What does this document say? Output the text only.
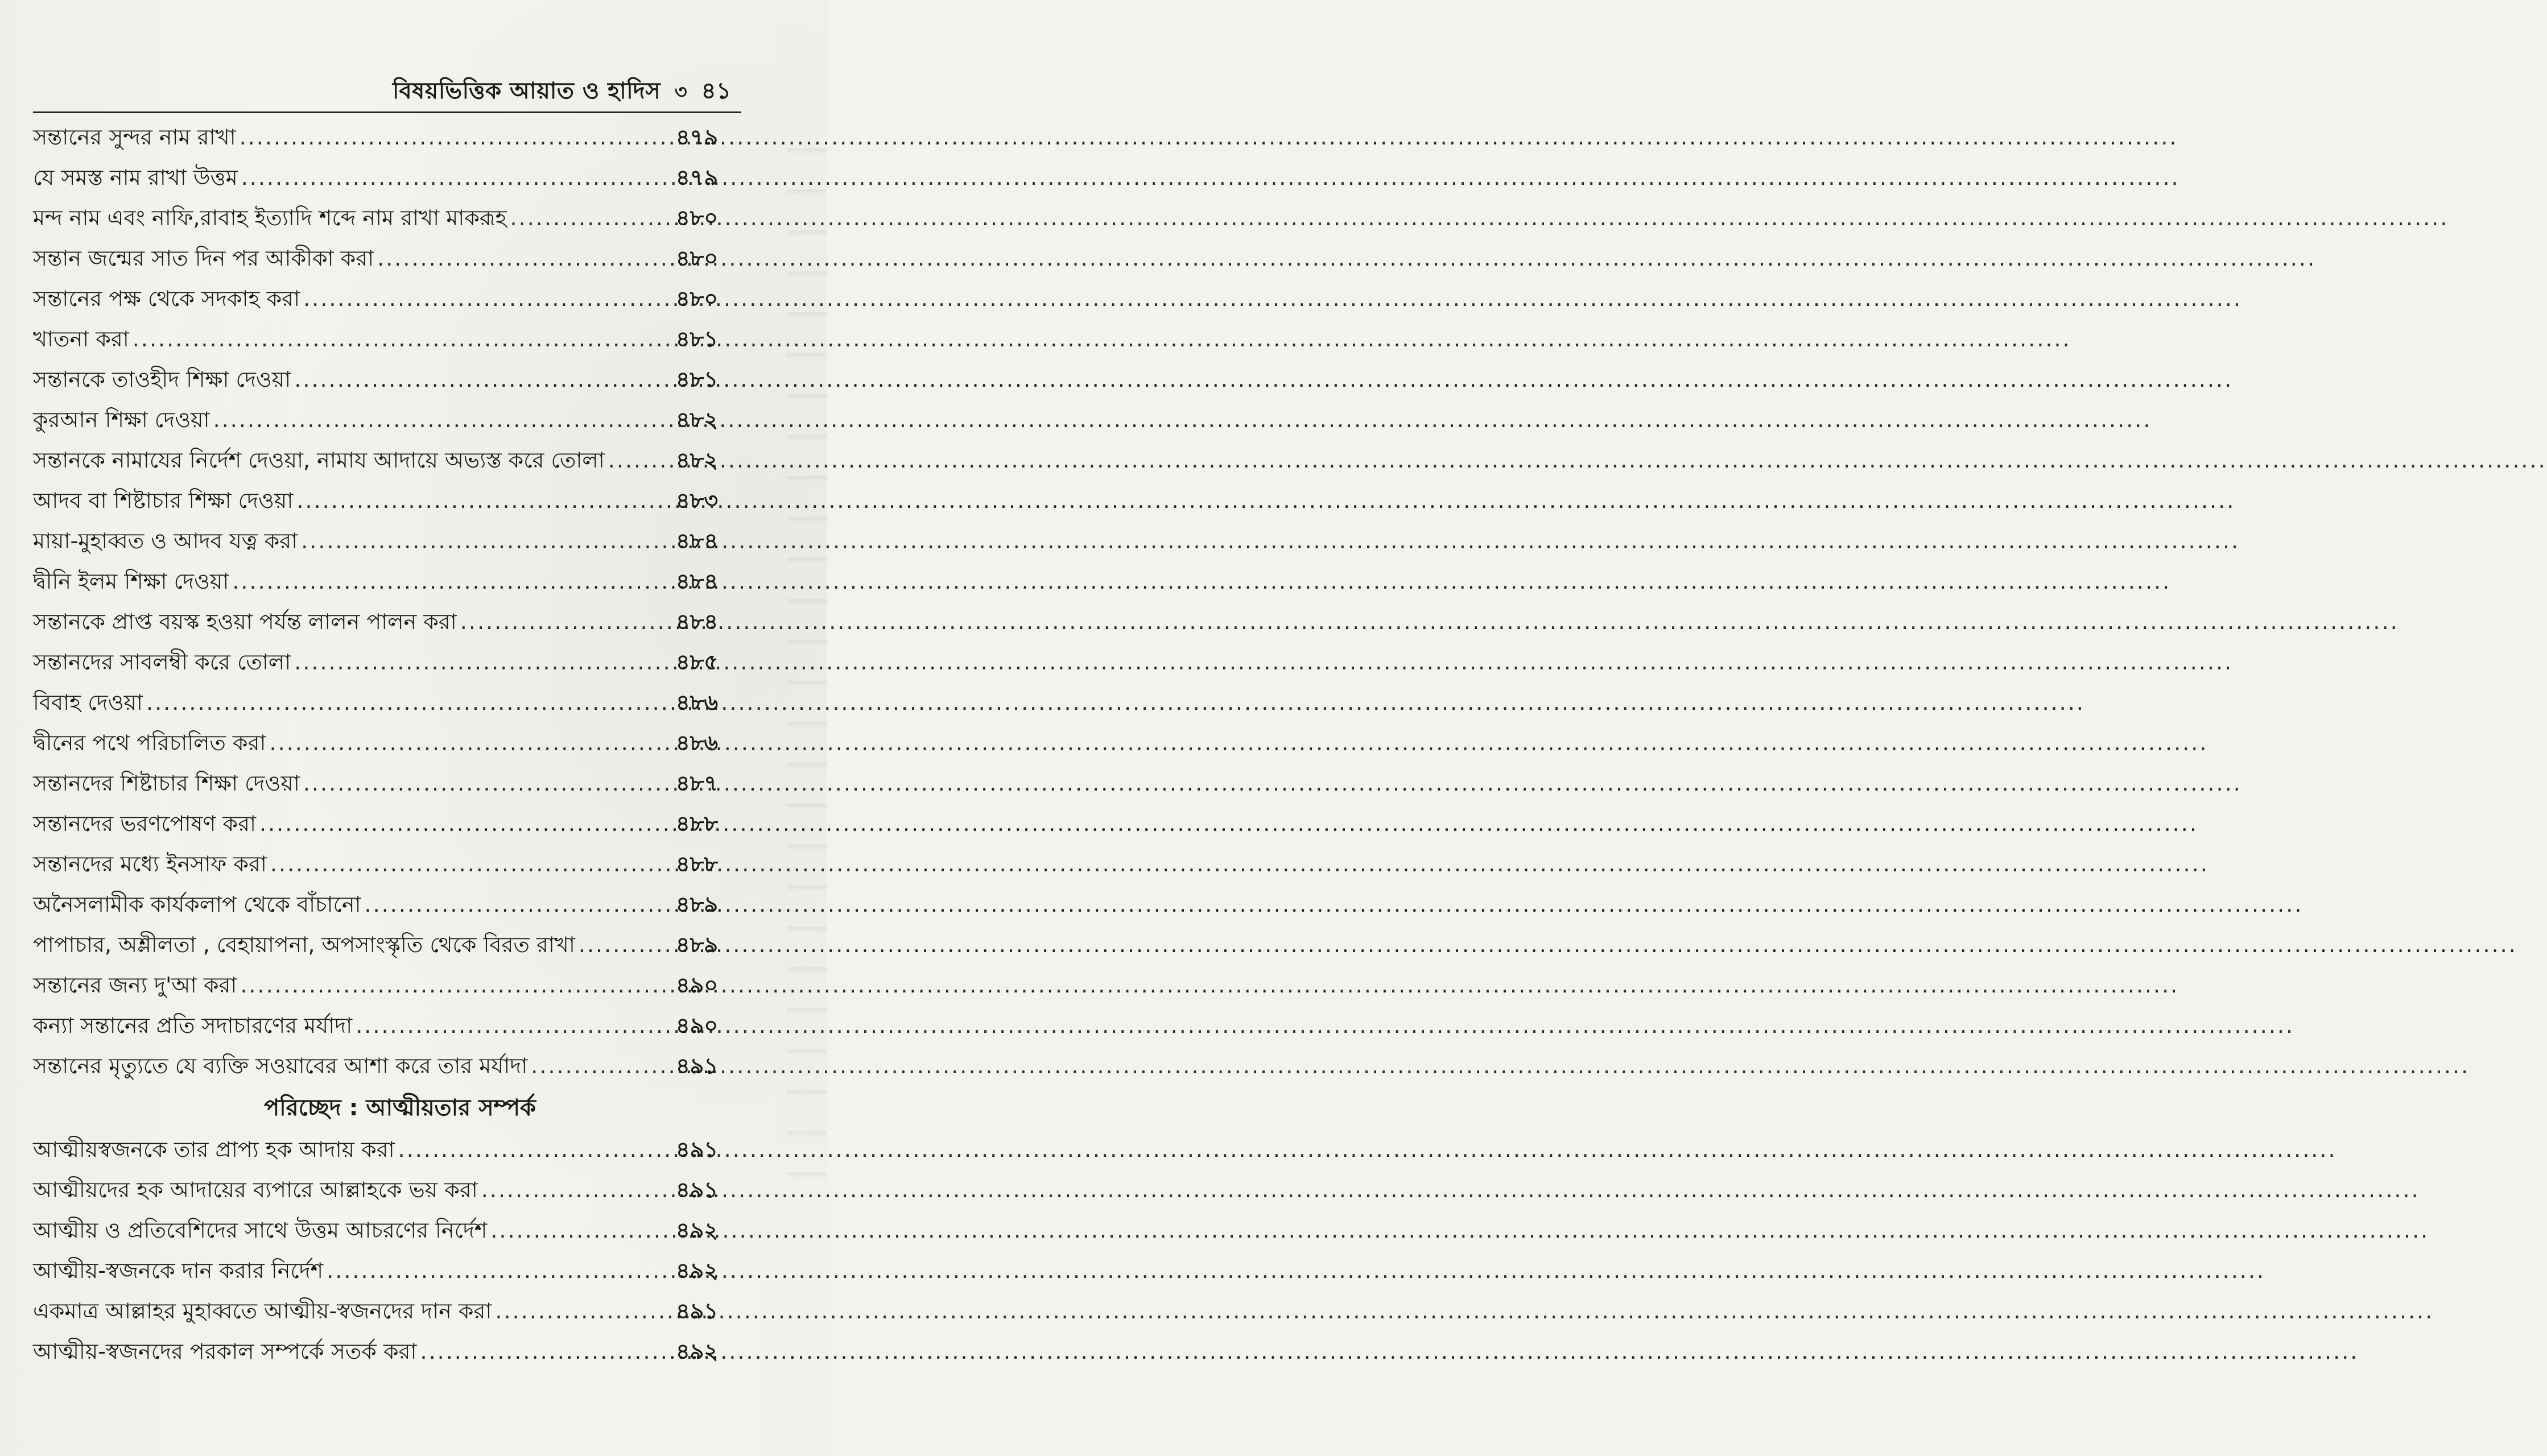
বিষয়ভিত্তিক আয়াত ও হাদিস ৩ ৪১
সন্তানের সুন্দর নাম রাখা .....	৪৭৯
যে সমস্ত নাম রাখা উত্তম .....	৪৭৯
মন্দ নাম এবং নাফি,রাবাহ ইত্যাদি শব্দে নাম রাখা মাকরূহ .....	৪৮০
সন্তান জন্মের সাত দিন পর আকীকা করা .....	৪৮০
সন্তানের পক্ষ থেকে সদকাহ করা .....	৪৮০
খাতনা করা .....	৪৮১
সন্তানকে তাওহীদ শিক্ষা দেওয়া .....	৪৮১
কুরআন শিক্ষা দেওয়া .....	৪৮২
সন্তানকে নামাযের নির্দেশ দেওয়া, নামায আদায়ে অভ্যস্ত করে তোলা .....	৪৮২
আদব বা শিষ্টাচার শিক্ষা দেওয়া .....	৪৮৩
মায়া-মুহাব্বত ও আদব যত্ন করা .....	৪৮৪
দ্বীনি ইলম শিক্ষা দেওয়া .....	৪৮৪
সন্তানকে প্রাপ্ত বয়স্ক হওয়া পর্যন্ত লালন পালন করা .....	৪৮৪
সন্তানদের সাবলম্বী করে তোলা .....	৪৮৫
বিবাহ দেওয়া .....	৪৮৬
দ্বীনের পথে পরিচালিত করা .....	৪৮৬
সন্তানদের শিষ্টাচার শিক্ষা দেওয়া .....	৪৮৭
সন্তানদের ভরণপোষণ করা .....	৪৮৮
সন্তানদের মধ্যে ইনসাফ করা .....	৪৮৮
অনৈসলামীক কার্যকলাপ থেকে বাঁচানো .....	৪৮৯
পাপাচার, অশ্লীলতা , বেহায়াপনা, অপসাংস্কৃতি থেকে বিরত রাখা .....	৪৮৯
সন্তানের জন্য দু'আ করা .....	৪৯০
কন্যা সন্তানের প্রতি সদাচারণের মর্যাদা .....	৪৯০
সন্তানের মৃত্যুতে যে ব্যক্তি সওয়াবের আশা করে তার মর্যাদা .....	৪৯১
পরিচ্ছেদ : আত্মীয়তার সম্পর্ক
আত্মীয়স্বজনকে তার প্রাপ্য হক আদায় করা .....	৪৯১
আত্মীয়দের হক আদায়ের ব্যপারে আল্লাহকে ভয় করা .....	৪৯১
আত্মীয় ও প্রতিবেশিদের সাথে উত্তম আচরণের নির্দেশ .....	৪৯২
আত্মীয়-স্বজনকে দান করার নির্দেশ .....	৪৯২
একমাত্র আল্লাহর মুহাব্বতে আত্মীয়-স্বজনদের দান করা .....	৪৯১
আত্মীয়-স্বজনদের পরকাল সম্পর্কে সতর্ক করা .....	৪৯২
